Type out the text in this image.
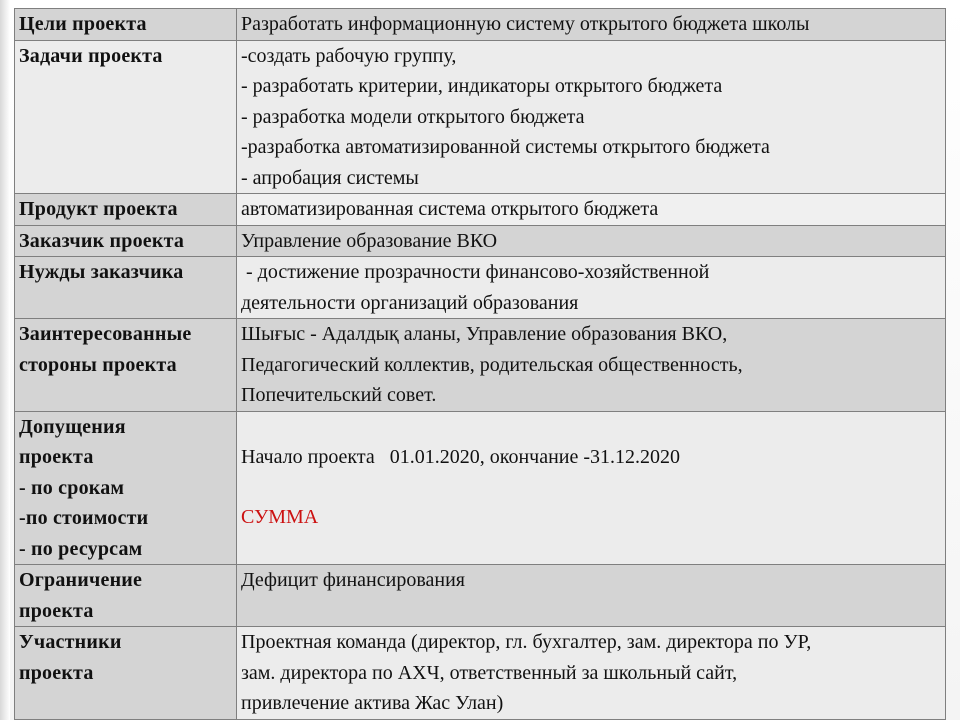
Цели проекта	Разработать информационную систему открытого бюджета школы

Задачи проекта	-создать рабочую группу,
- разработать критерии, индикаторы открытого бюджета
- разработка модели открытого бюджета
-разработка автоматизированной системы открытого бюджета
- апробация системы

Продукт проекта	автоматизированная система открытого бюджета

Заказчик проекта	Управление образование ВКО

Нужды заказчика	- достижение прозрачности финансово-хозяйственной
деятельности организаций образования

Заинтересованные
стороны проекта	Шығыс - Адалдық аланы, Управление образования ВКО,
Педагогический коллектив, родительская общественность,
Попечительский совет.

Допущения
проекта
- по срокам
-по стоимости
- по ресурсам	Начало проекта   01.01.2020, окончание -31.12.2020
СУММА

Ограничение
проекта	Дефицит финансирования

Участники
проекта	Проектная команда (директор, гл. бухгалтер, зам. директора по УР,
зам. директора по АХЧ, ответственный за школьный сайт,
привлечение актива Жас Улан)
